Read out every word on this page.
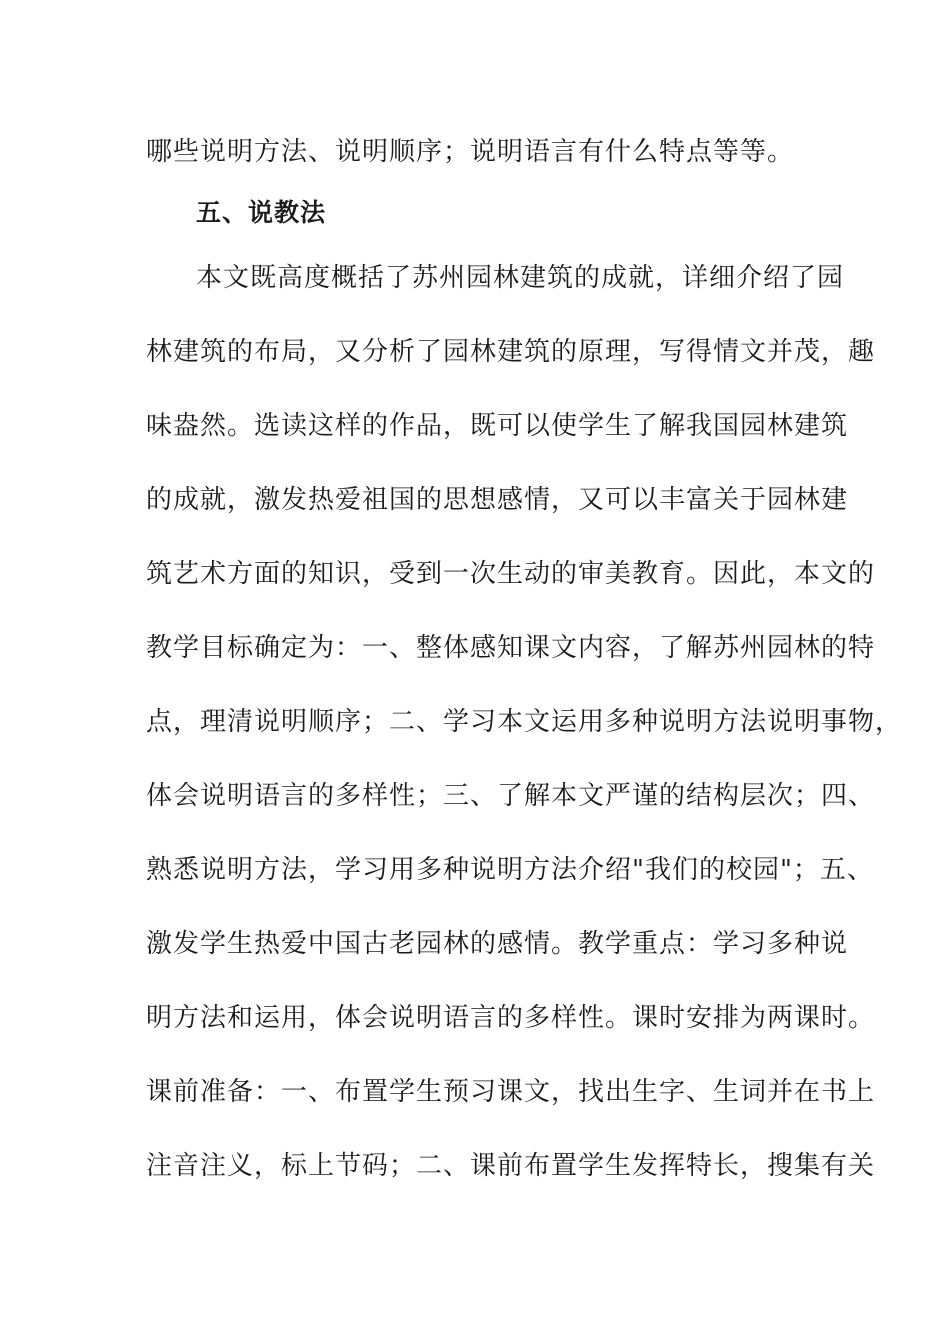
哪些说明方法、说明顺序；说明语言有什么特点等等。
五、说教法
本文既高度概括了苏州园林建筑的成就，详细介绍了园
林建筑的布局，又分析了园林建筑的原理，写得情文并茂，趣
味盎然。选读这样的作品，既可以使学生了解我国园林建筑
的成就，激发热爱祖国的思想感情，又可以丰富关于园林建
筑艺术方面的知识，受到一次生动的审美教育。因此，本文的
教学目标确定为：一、整体感知课文内容，了解苏州园林的特
点，理清说明顺序；二、学习本文运用多种说明方法说明事物，
体会说明语言的多样性；三、了解本文严谨的结构层次；四、
熟悉说明方法，学习用多种说明方法介绍"我们的校园"；五、
激发学生热爱中国古老园林的感情。教学重点：学习多种说
明方法和运用，体会说明语言的多样性。课时安排为两课时。
课前准备：一、布置学生预习课文，找出生字、生词并在书上
注音注义，标上节码；二、课前布置学生发挥特长，搜集有关
